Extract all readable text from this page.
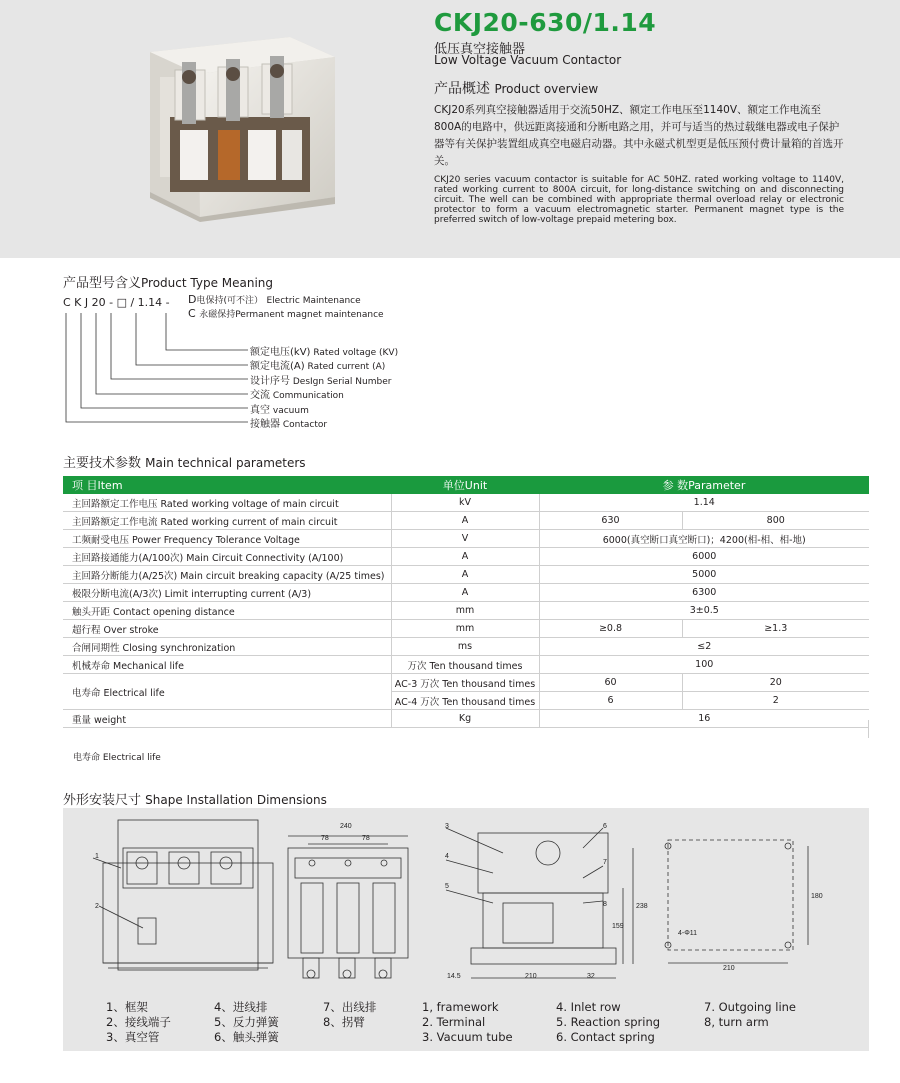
CKJ20-630/1.14
低压真空接触器
Low Voltage Vacuum Contactor
产品概述 Product overview
CKJ20系列真空接触器适用于交流50HZ、额定工作电压至1140V、额定工作电流至800A的电路中，供远距离接通和分断电路之用，并可与适当的热过载继电器或电子保护器等有关保护装置组成真空电磁启动器。其中永磁式机型更是低压预付费计量箱的首选开关。
CKJ20 series vacuum contactor is suitable for AC 50HZ. rated working voltage to 1140V, rated working current to 800A circuit, for long-distance switching on and disconnecting circuit. The well can be combined with appropriate thermal overload relay or electronic protector to form a vacuum electromagnetic starter. Permanent magnet type is the preferred switch of low-voltage prepaid metering box.
产品型号含义Product Type Meaning
C K J 20 - □ / 1.14 - D电保持(可不注） Electric Maintenance
C 永磁保持Permanent magnet maintenance
额定电压(kV) Rated voltage (KV)
额定电流(A) Rated current (A)
设计序号 DesIgn Serial Number
交流 Communication
真空 vacuum
接触器 Contactor
主要技术参数 Main technical parameters
项 目Item	单位Unit	参 数Parameter	
主回路额定工作电压 Rated working voltage of main circuit	kV	1.14	
主回路额定工作电流 Rated working current of main circuit	A	630	800
工频耐受电压 Power Frequency Tolerance Voltage	V	6000(真空断口真空断口)；4200(相-相、相-地)	
主回路接通能力(A/100次) Main Circuit Connectivity (A/100)	A	6000	
主回路分断能力(A/25次) Main circuit breaking capacity (A/25 times)	A	5000	
极限分断电流(A/3次) Limit interrupting current (A/3)	A	6300	
触头开距 Contact opening distance	mm	3±0.5	
超行程 Over stroke	mm	≥0.8	≥1.3
合闸同期性 Closing synchronization	ms	≤2	
机械寿命 Mechanical life	万次 Ten thousand times	100	
电寿命 Electrical life	AC-3 万次 Ten thousand times	60	20
	AC-4 万次 Ten thousand times	6	2
重量 weight	Kg	16	
电寿命 Electrical life
外形安装尺寸 Shape Installation Dimensions
1
2
240
78	78
3
4
5
6
7
8	238
159
14.5	210	32
180
210
4-Φ11
1、框架
2、接线端子
3、真空管
4、进线排
5、反力弹簧
6、触头弹簧
7、出线排
8、拐臂
1, framework
2. Terminal
3. Vacuum tube
4. Inlet row
5. Reaction spring
6. Contact spring
7. Outgoing line
8, turn arm
